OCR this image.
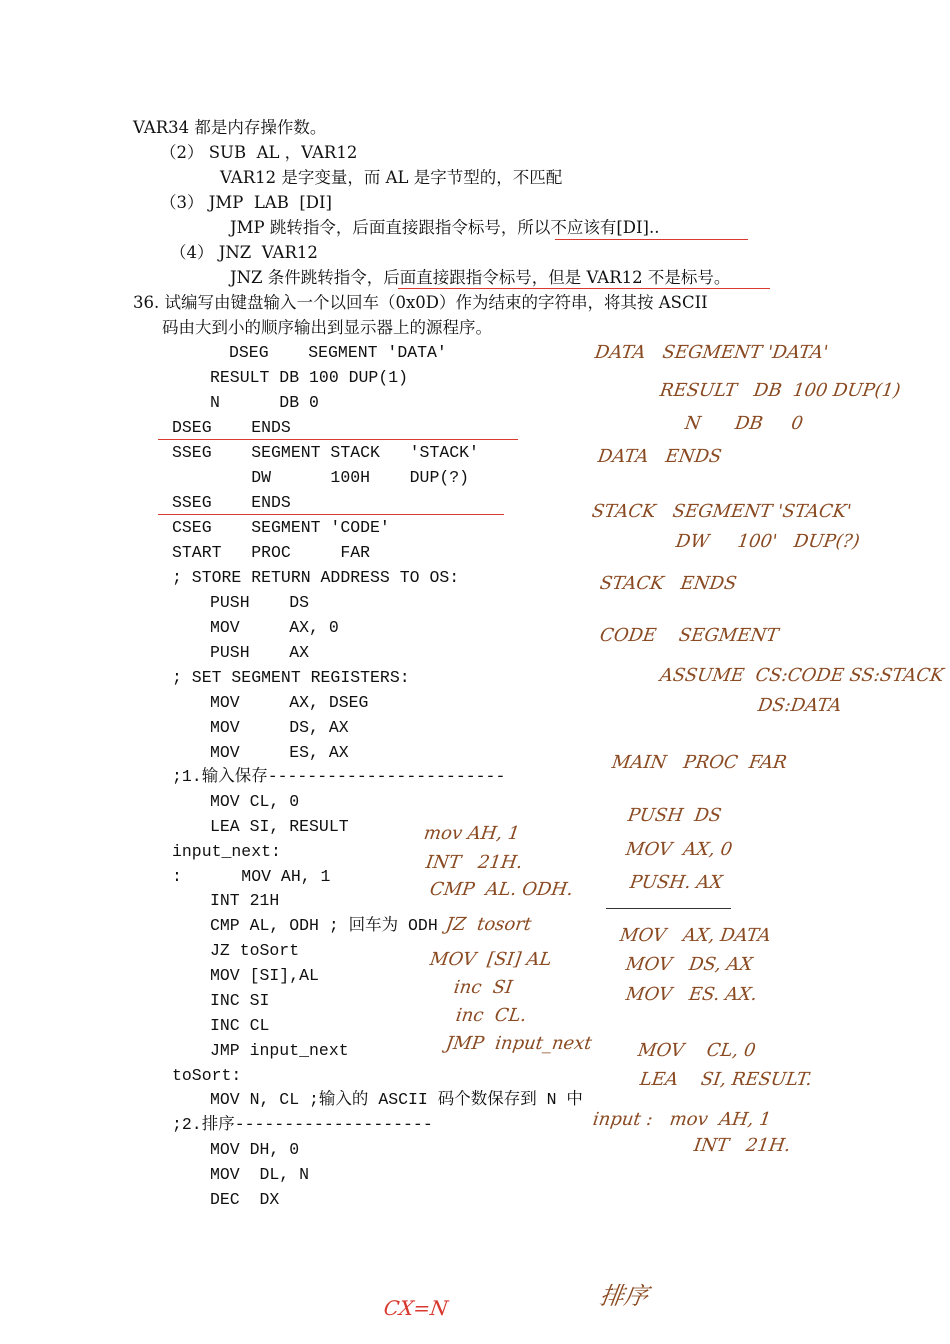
VAR34 都是内存操作数。
（2） SUB  AL ，VAR12
VAR12 是字变量，而 AL 是字节型的，不匹配
（3） JMP  LAB  [DI]
JMP 跳转指令，后面直接跟指令标号，所以不应该有[DI]..
（4） JNZ  VAR12
JNZ 条件跳转指令，后面直接跟指令标号，但是 VAR12 不是标号。
36. 试编写由键盘输入一个以回车（0x0D）作为结束的字符串，将其按 ASCII
码由大到小的顺序输出到显示器上的源程序。
DSEG    SEGMENT 'DATA'
RESULT DB 100 DUP(1)
N      DB 0
DSEG    ENDS
SSEG    SEGMENT STACK   'STACK'
DW      100H    DUP(?)
SSEG    ENDS
CSEG    SEGMENT 'CODE'
START   PROC     FAR
; STORE RETURN ADDRESS TO OS:
PUSH    DS
MOV     AX, 0
PUSH    AX
; SET SEGMENT REGISTERS:
MOV     AX, DSEG
MOV     DS, AX
MOV     ES, AX
;1.输入保存------------------------
MOV CL, 0
LEA SI, RESULT
input_next:
:      MOV AH, 1
INT 21H
CMP AL, ODH ; 回车为 ODH
JZ toSort
MOV [SI],AL
INC SI
INC CL
JMP input_next
toSort:
MOV N, CL ;输入的 ASCII 码个数保存到 N 中
;2.排序--------------------
MOV DH, 0
MOV  DL, N
DEC  DX
DATA   SEGMENT 'DATA'
RESULT   DB  100 DUP(1)
N      DB     0
DATA   ENDS
STACK   SEGMENT 'STACK'
DW     100'   DUP(?)
STACK   ENDS
CODE    SEGMENT
ASSUME  CS:CODE SS:STACK
DS:DATA
MAIN   PROC  FAR
PUSH  DS
MOV  AX, 0
PUSH. AX
MOV   AX, DATA
MOV   DS, AX
MOV   ES. AX.
MOV    CL, 0
LEA    SI, RESULT.
input :   mov  AH, 1
INT   21H.
mov AH, 1
INT   21H.
CMP  AL. ODH.
JZ  tosort
MOV  [SI] AL
inc  SI
inc  CL.
JMP  input_next
CX=N	排序
